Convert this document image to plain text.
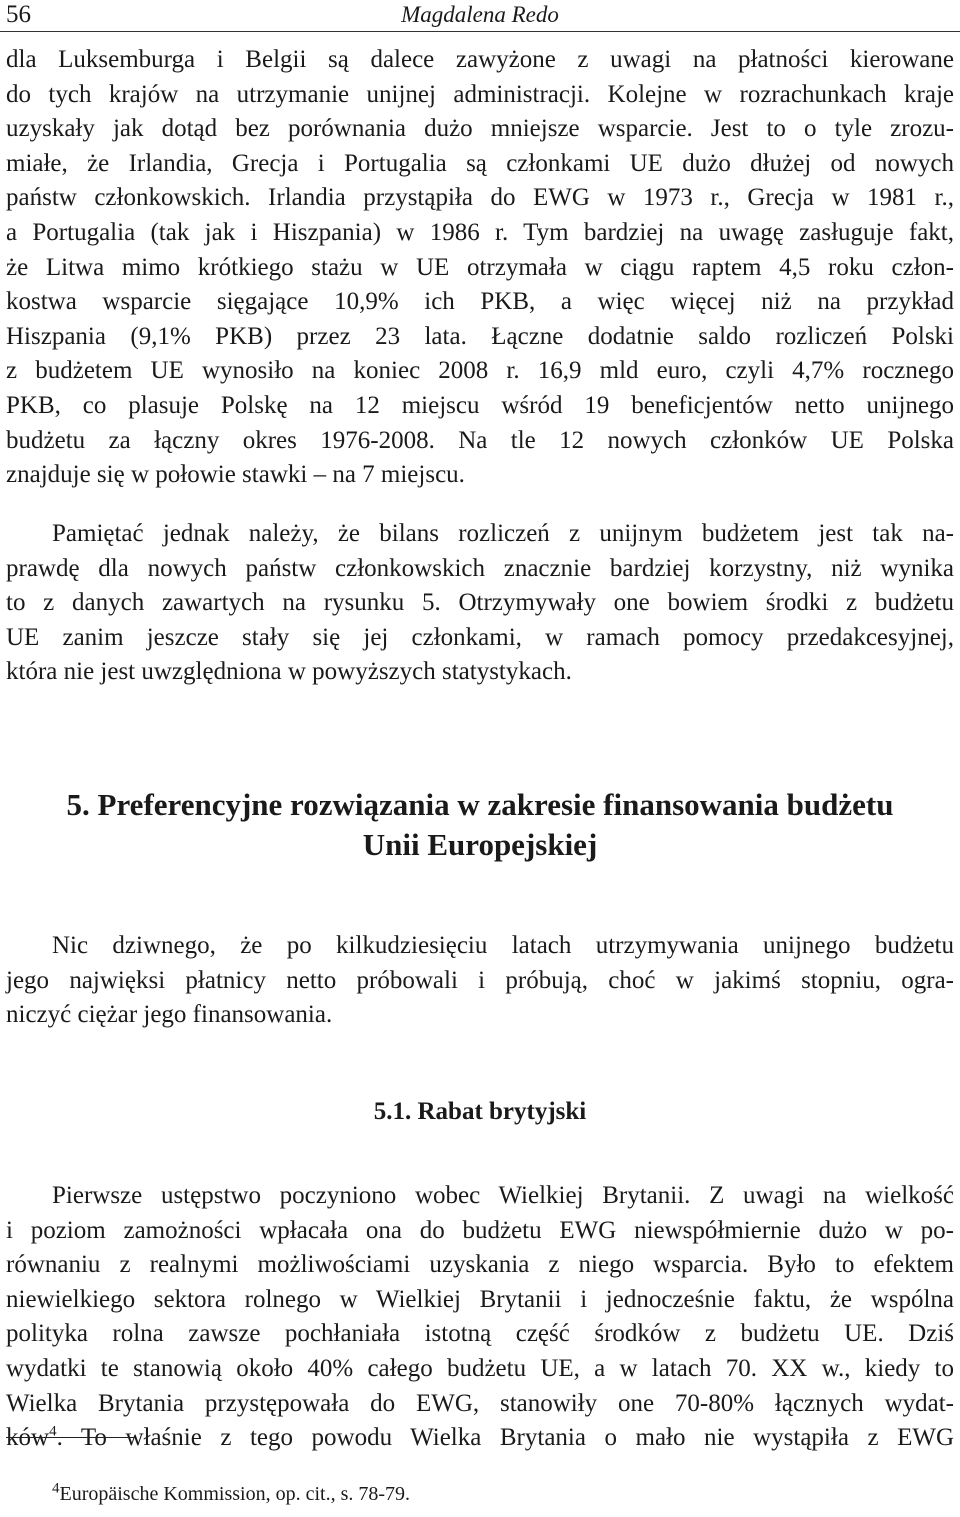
56	Magdalena Redo
dla Luksemburga i Belgii są dalece zawyżone z uwagi na płatności kierowane
do tych krajów na utrzymanie unijnej administracji. Kolejne w rozrachunkach kraje
uzyskały jak dotąd bez porównania dużo mniejsze wsparcie. Jest to o tyle zrozu-
miałe, że Irlandia, Grecja i Portugalia są członkami UE dużo dłużej od nowych
państw członkowskich. Irlandia przystąpiła do EWG w 1973 r., Grecja w 1981 r.,
a Portugalia (tak jak i Hiszpania) w 1986 r. Tym bardziej na uwagę zasługuje fakt,
że Litwa mimo krótkiego stażu w UE otrzymała w ciągu raptem 4,5 roku człon-
kostwa wsparcie sięgające 10,9% ich PKB, a więc więcej niż na przykład
Hiszpania (9,1% PKB) przez 23 lata. Łączne dodatnie saldo rozliczeń Polski
z budżetem UE wynosiło na koniec 2008 r. 16,9 mld euro, czyli 4,7% rocznego
PKB, co plasuje Polskę na 12 miejscu wśród 19 beneficjentów netto unijnego
budżetu za łączny okres 1976-2008. Na tle 12 nowych członków UE Polska
znajduje się w połowie stawki – na 7 miejscu.
Pamiętać jednak należy, że bilans rozliczeń z unijnym budżetem jest tak na-
prawdę dla nowych państw członkowskich znacznie bardziej korzystny, niż wynika
to z danych zawartych na rysunku 5. Otrzymywały one bowiem środki z budżetu
UE zanim jeszcze stały się jej członkami, w ramach pomocy przedakcesyjnej,
która nie jest uwzględniona w powyższych statystykach.
5. Preferencyjne rozwiązania w zakresie finansowania budżetu
Unii Europejskiej
Nic dziwnego, że po kilkudziesięciu latach utrzymywania unijnego budżetu
jego najwięksi płatnicy netto próbowali i próbują, choć w jakimś stopniu, ogra-
niczyć ciężar jego finansowania.
5.1. Rabat brytyjski
Pierwsze ustępstwo poczyniono wobec Wielkiej Brytanii. Z uwagi na wielkość
i poziom zamożności wpłacała ona do budżetu EWG niewspółmiernie dużo w po-
równaniu z realnymi możliwościami uzyskania z niego wsparcia. Było to efektem
niewielkiego sektora rolnego w Wielkiej Brytanii i jednocześnie faktu, że wspólna
polityka rolna zawsze pochłaniała istotną część środków z budżetu UE. Dziś
wydatki te stanowią około 40% całego budżetu UE, a w latach 70. XX w., kiedy to
Wielka Brytania przystępowała do EWG, stanowiły one 70-80% łącznych wydat-
ków$^4$. To właśnie z tego powodu Wielka Brytania o mało nie wystąpiła z EWG
$^4$Europäische Kommission, op. cit., s. 78-79.
